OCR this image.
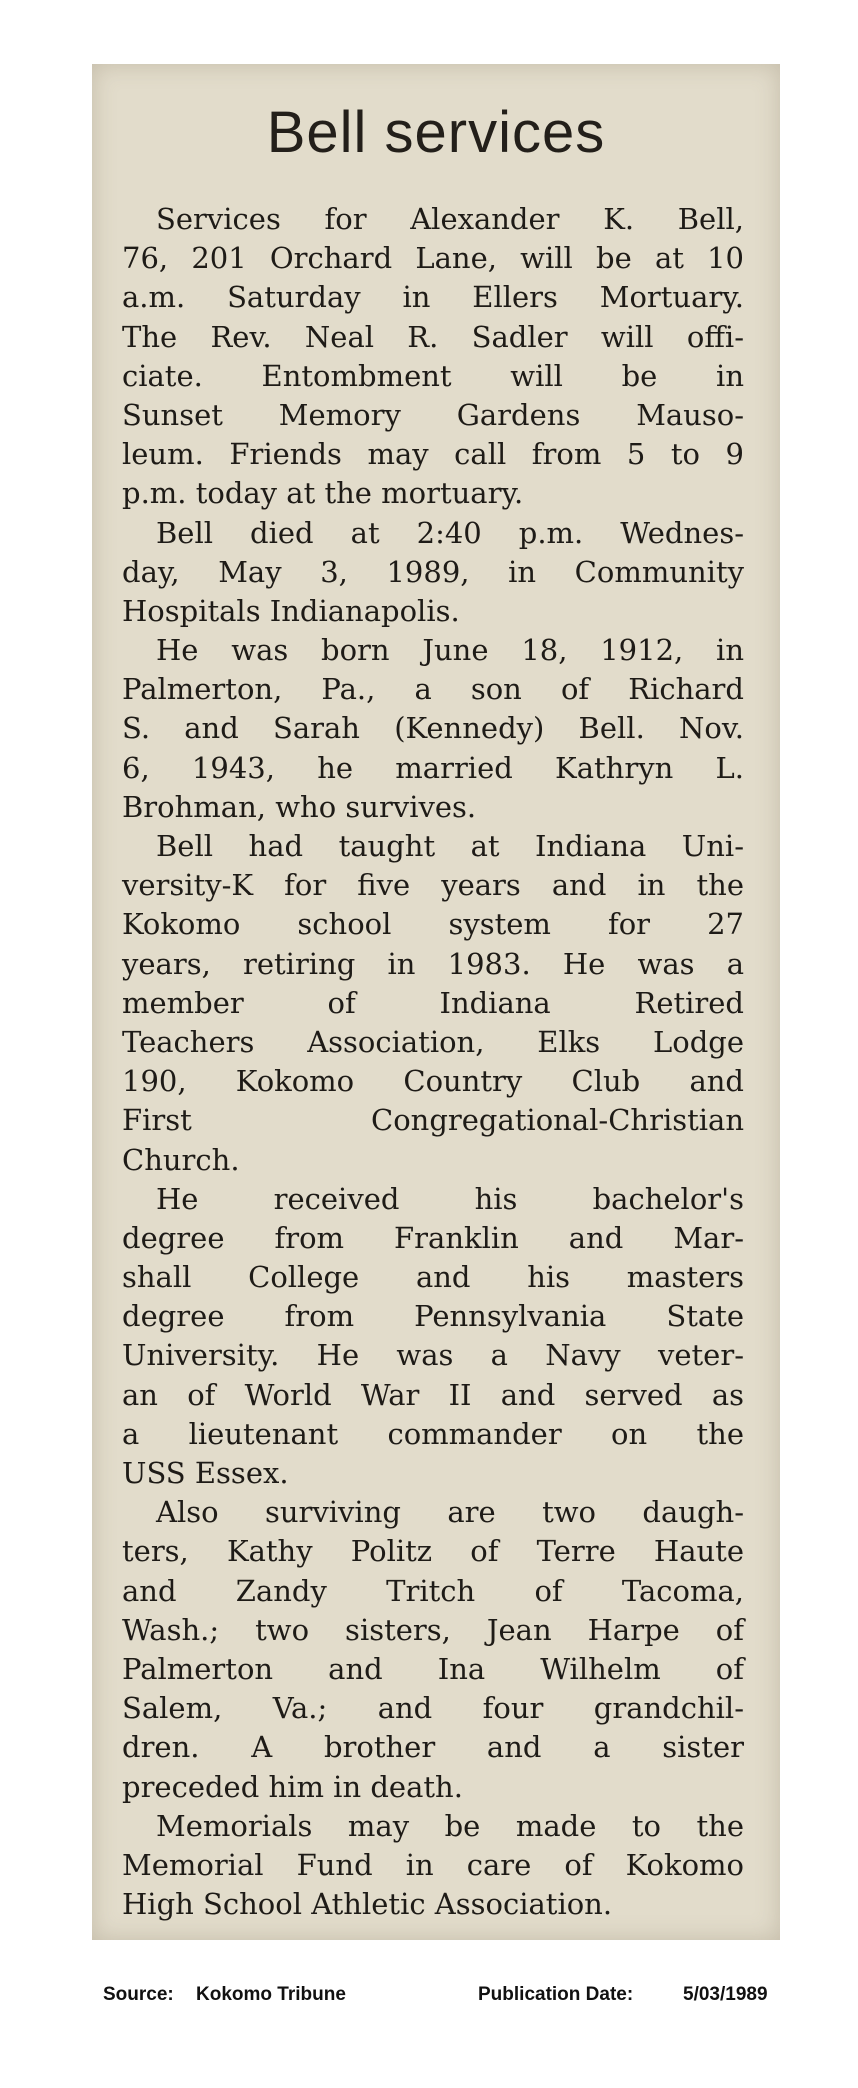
Bell services
Services for Alexander K. Bell,
76, 201 Orchard Lane, will be at 10
a.m. Saturday in Ellers Mortuary.
The Rev. Neal R. Sadler will offi-
ciate. Entombment will be in
Sunset Memory Gardens Mauso-
leum. Friends may call from 5 to 9
p.m. today at the mortuary.
Bell died at 2:40 p.m. Wednes-
day, May 3, 1989, in Community
Hospitals Indianapolis.
He was born June 18, 1912, in
Palmerton, Pa., a son of Richard
S. and Sarah (Kennedy) Bell. Nov.
6, 1943, he married Kathryn L.
Brohman, who survives.
Bell had taught at Indiana Uni-
versity-K for five years and in the
Kokomo school system for 27
years, retiring in 1983. He was a
member of Indiana Retired
Teachers Association, Elks Lodge
190, Kokomo Country Club and
First Congregational-Christian
Church.
He received his bachelor's
degree from Franklin and Mar-
shall College and his masters
degree from Pennsylvania State
University. He was a Navy veter-
an of World War II and served as
a lieutenant commander on the
USS Essex.
Also surviving are two daugh-
ters, Kathy Politz of Terre Haute
and Zandy Tritch of Tacoma,
Wash.; two sisters, Jean Harpe of
Palmerton and Ina Wilhelm of
Salem, Va.; and four grandchil-
dren. A brother and a sister
preceded him in death.
Memorials may be made to the
Memorial Fund in care of Kokomo
High School Athletic Association.
Source: Kokomo Tribune	Publication Date:	5/03/1989
